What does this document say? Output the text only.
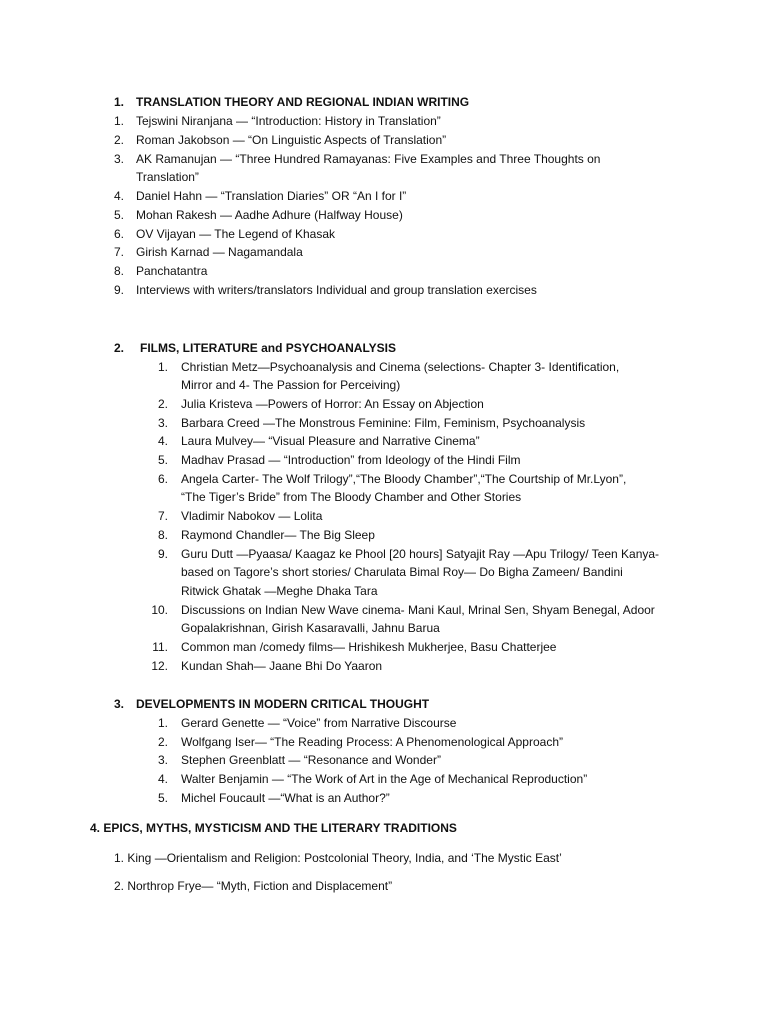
1. TRANSLATION THEORY AND REGIONAL INDIAN WRITING
1. Tejswini Niranjana — “Introduction: History in Translation”
2. Roman Jakobson — “On Linguistic Aspects of Translation”
3. AK Ramanujan — “Three Hundred Ramayanas: Five Examples and Three Thoughts on
Translation”
4. Daniel Hahn — “Translation Diaries” OR “An I for I”
5. Mohan Rakesh — Aadhe Adhure (Halfway House)
6. OV Vijayan — The Legend of Khasak
7. Girish Karnad — Nagamandala
8. Panchatantra
9. Interviews with writers/translators Individual and group translation exercises
2. FILMS, LITERATURE and PSYCHOANALYSIS
1. Christian Metz—Psychoanalysis and Cinema (selections- Chapter 3- Identification,
Mirror and 4- The Passion for Perceiving)
2. Julia Kristeva —Powers of Horror: An Essay on Abjection
3. Barbara Creed —The Monstrous Feminine: Film, Feminism, Psychoanalysis
4. Laura Mulvey— “Visual Pleasure and Narrative Cinema”
5. Madhav Prasad — “Introduction” from Ideology of the Hindi Film
6. Angela Carter- The Wolf Trilogy”,“The Bloody Chamber”,“The Courtship of Mr.Lyon”,
“The Tiger’s Bride” from The Bloody Chamber and Other Stories
7. Vladimir Nabokov — Lolita
8. Raymond Chandler— The Big Sleep
9. Guru Dutt —Pyaasa/ Kaagaz ke Phool [20 hours] Satyajit Ray —Apu Trilogy/ Teen Kanya-
based on Tagore’s short stories/ Charulata Bimal Roy— Do Bigha Zameen/ Bandini
Ritwick Ghatak —Meghe Dhaka Tara
10. Discussions on Indian New Wave cinema- Mani Kaul, Mrinal Sen, Shyam Benegal, Adoor
Gopalakrishnan, Girish Kasaravalli, Jahnu Barua
11. Common man /comedy films— Hrishikesh Mukherjee, Basu Chatterjee
12. Kundan Shah— Jaane Bhi Do Yaaron
3. DEVELOPMENTS IN MODERN CRITICAL THOUGHT
1. Gerard Genette — “Voice” from Narrative Discourse
2. Wolfgang Iser— “The Reading Process: A Phenomenological Approach”
3. Stephen Greenblatt — “Resonance and Wonder”
4. Walter Benjamin — “The Work of Art in the Age of Mechanical Reproduction”
5. Michel Foucault —“What is an Author?”
4. EPICS, MYTHS, MYSTICISM AND THE LITERARY TRADITIONS
1. King —Orientalism and Religion: Postcolonial Theory, India, and ‘The Mystic East’
2. Northrop Frye— “Myth, Fiction and Displacement”
